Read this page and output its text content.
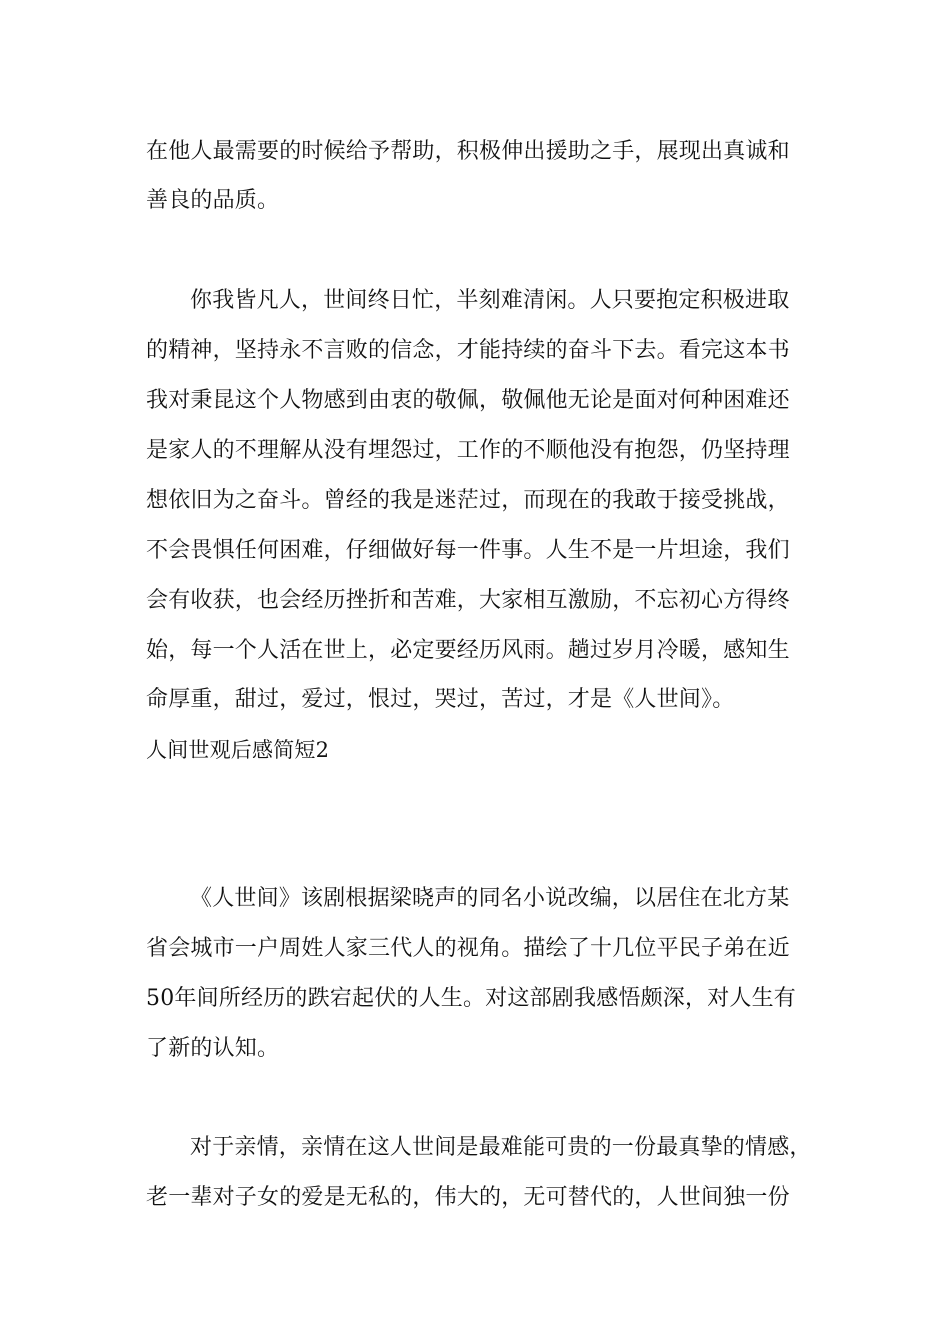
在他人最需要的时候给予帮助，积极伸出援助之手，展现出真诚和
善良的品质。
你我皆凡人，世间终日忙，半刻难清闲。人只要抱定积极进取
的精神，坚持永不言败的信念，才能持续的奋斗下去。看完这本书
我对秉昆这个人物感到由衷的敬佩，敬佩他无论是面对何种困难还
是家人的不理解从没有埋怨过，工作的不顺他没有抱怨，仍坚持理
想依旧为之奋斗。曾经的我是迷茫过，而现在的我敢于接受挑战，
不会畏惧任何困难，仔细做好每一件事。人生不是一片坦途，我们
会有收获，也会经历挫折和苦难，大家相互激励，不忘初心方得终
始，每一个人活在世上，必定要经历风雨。趟过岁月冷暖，感知生
命厚重，甜过，爱过，恨过，哭过，苦过，才是《人世间》。
人间世观后感简短2
《人世间》该剧根据梁晓声的同名小说改编，以居住在北方某
省会城市一户周姓人家三代人的视角。描绘了十几位平民子弟在近
50年间所经历的跌宕起伏的人生。对这部剧我感悟颇深，对人生有
了新的认知。
对于亲情，亲情在这人世间是最难能可贵的一份最真挚的情感，
老一辈对子女的爱是无私的，伟大的，无可替代的，人世间独一份
